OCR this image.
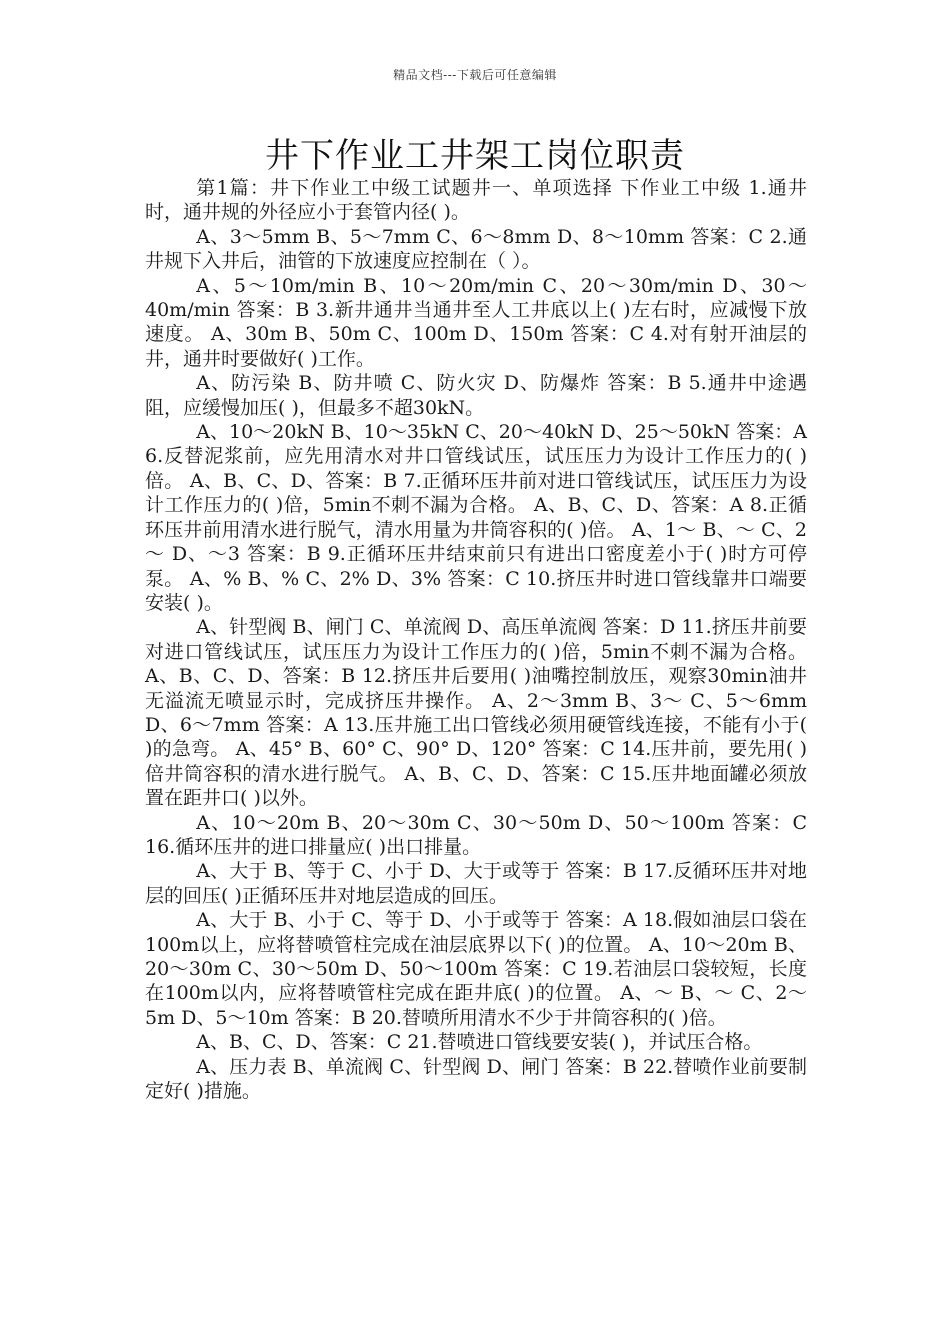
精品文档---下载后可任意编辑
井下作业工井架工岗位职责

第1篇：井下作业工中级工试题井一、单项选择 下作业工中级 1.通井时，通井规的外径应小于套管内径( )。

A、3～5mm B、5～7mm C、6～8mm D、8～10mm 答案：C 2.通井规下入井后，油管的下放速度应控制在（ ）。

A、5～10m/min B、10～20m/min C、20～30m/min D、30～40m/min 答案：B 3.新井通井当通井至人工井底以上( )左右时，应减慢下放速度。 A、30m B、50m C、100m D、150m 答案：C 4.对有射开油层的井，通井时要做好( )工作。

A、防污染 B、防井喷 C、防火灾 D、防爆炸 答案：B 5.通井中途遇阻，应缓慢加压( )，但最多不超30kN。

A、10～20kN B、10～35kN C、20～40kN D、25～50kN 答案：A 6.反替泥浆前，应先用清水对井口管线试压，试压压力为设计工作压力的( )倍。 A、B、C、D、答案：B 7.正循环压井前对进口管线试压，试压压力为设计工作压力的( )倍，5min不刺不漏为合格。 A、B、C、D、答案：A 8.正循环压井前用清水进行脱气，清水用量为井筒容积的( )倍。 A、1～ B、～ C、2～ D、～3 答案：B 9.正循环压井结束前只有进出口密度差小于( )时方可停泵。 A、% B、% C、2% D、3% 答案：C 10.挤压井时进口管线靠井口端要安装( )。

A、针型阀 B、闸门 C、单流阀 D、高压单流阀 答案：D 11.挤压井前要对进口管线试压，试压压力为设计工作压力的( )倍，5min不刺不漏为合格。 A、B、C、D、答案：B 12.挤压井后要用( )油嘴控制放压，观察30min油井无溢流无喷显示时，完成挤压井操作。 A、2～3mm B、3～ C、5～6mm D、6～7mm 答案：A 13.压井施工出口管线必须用硬管线连接，不能有小于( )的急弯。 A、45° B、60° C、90° D、120° 答案：C 14.压井前，要先用( )倍井筒容积的清水进行脱气。 A、B、C、D、答案：C 15.压井地面罐必须放置在距井口( )以外。

A、10～20m B、20～30m C、30～50m D、50～100m 答案：C 16.循环压井的进口排量应( )出口排量。

A、大于 B、等于 C、小于 D、大于或等于 答案：B 17.反循环压井对地层的回压( )正循环压井对地层造成的回压。

A、大于 B、小于 C、等于 D、小于或等于 答案：A 18.假如油层口袋在100m以上，应将替喷管柱完成在油层底界以下( )的位置。 A、10～20m B、20～30m C、30～50m D、50～100m 答案：C 19.若油层口袋较短，长度在100m以内，应将替喷管柱完成在距井底( )的位置。 A、～ B、～ C、2～5m D、5～10m 答案：B 20.替喷所用清水不少于井筒容积的( )倍。

A、B、C、D、答案：C 21.替喷进口管线要安装( )，并试压合格。

A、压力表 B、单流阀 C、针型阀 D、闸门 答案：B 22.替喷作业前要制定好( )措施。
